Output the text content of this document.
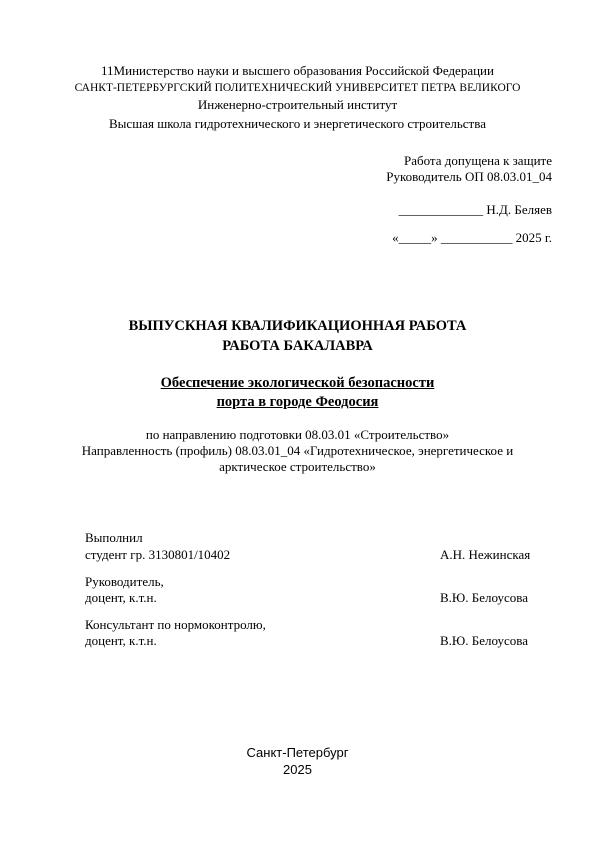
11Министерство науки и высшего образования Российской Федерации
САНКТ-ПЕТЕРБУРГСКИЙ ПОЛИТЕХНИЧЕСКИЙ УНИВЕРСИТЕТ ПЕТРА ВЕЛИКОГО
Инженерно-строительный институт
Высшая школа гидротехнического и энергетического строительства
Работа допущена к защите
Руководитель ОП 08.03.01_04
_____________ Н.Д. Беляев
«_____» ___________ 2025 г.
ВЫПУСКНАЯ КВАЛИФИКАЦИОННАЯ РАБОТА
РАБОТА БАКАЛАВРА
Обеспечение экологической безопасности
порта в городе Феодосия
по направлению подготовки 08.03.01 «Строительство»
Направленность (профиль) 08.03.01_04 «Гидротехническое, энергетическое и
арктическое строительство»
Выполнил
студент гр. 3130801/10402	А.Н. Нежинская
Руководитель,
доцент, к.т.н.	В.Ю. Белоусова
Консультант по нормоконтролю,
доцент, к.т.н.	В.Ю. Белоусова
Санкт-Петербург
2025
